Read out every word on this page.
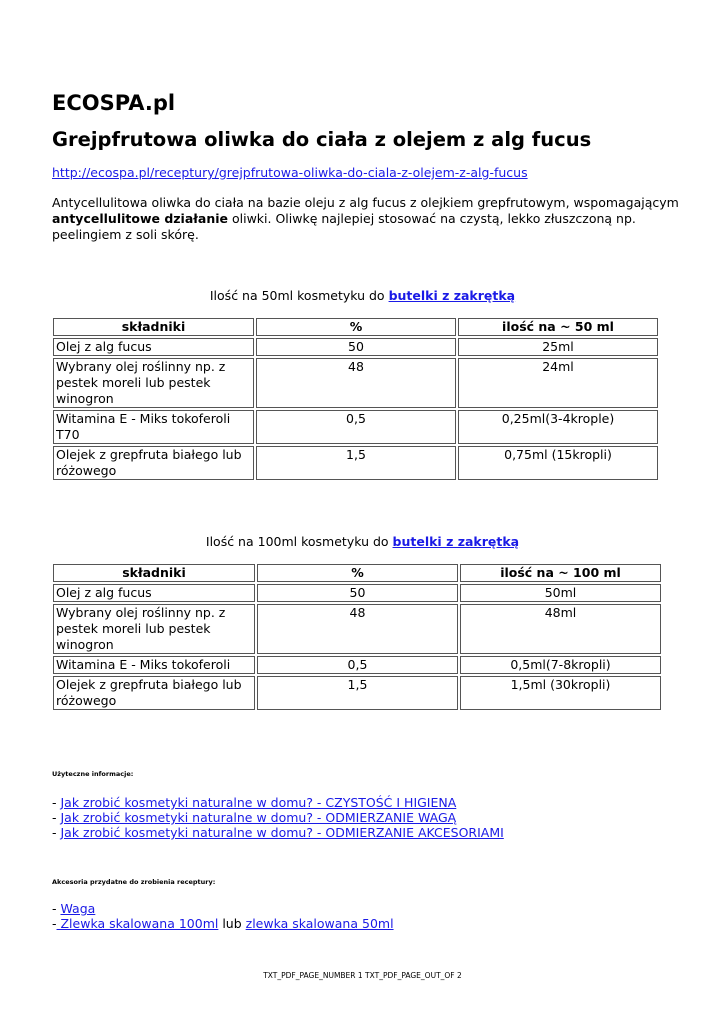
ECOSPA.pl
Grejpfrutowa oliwka do ciała z olejem z alg fucus
http://ecospa.pl/receptury/grejpfrutowa-oliwka-do-ciala-z-olejem-z-alg-fucus

Antycellulitowa oliwka do ciała na bazie oleju z alg fucus z olejkiem grepfrutowym, wspomagającym antycellulitowe działanie oliwki. Oliwkę najlepiej stosować na czystą, lekko złuszczoną np. peelingiem z soli skórę.

Ilość na 50ml kosmetyku do butelki z zakrętką
składniki	%	ilość na ~ 50 ml
Olej z alg fucus	50	25ml
Wybrany olej roślinny np. z pestek moreli lub pestek winogron	48	24ml
Witamina E - Miks tokoferoli T70	0,5	0,25ml(3-4krople)
Olejek z grepfruta białego lub różowego	1,5	0,75ml (15kropli)
Ilość na 100ml kosmetyku do butelki z zakrętką
składniki	%	ilość na ~ 100 ml
Olej z alg fucus	50	50ml
Wybrany olej roślinny np. z pestek moreli lub pestek winogron	48	48ml
Witamina E - Miks tokoferoli	0,5	0,5ml(7-8kropli)
Olejek z grepfruta białego lub różowego	1,5	1,5ml (30kropli)
Użyteczne informacje:
- Jak zrobić kosmetyki naturalne w domu? - CZYSTOŚĆ I HIGIENA
- Jak zrobić kosmetyki naturalne w domu? - ODMIERZANIE WAGĄ
- Jak zrobić kosmetyki naturalne w domu? - ODMIERZANIE AKCESORIAMI
Akcesoria przydatne do zrobienia receptury:
- Waga
- Zlewka skalowana 100ml lub zlewka skalowana 50ml
TXT_PDF_PAGE_NUMBER 1 TXT_PDF_PAGE_OUT_OF 2
